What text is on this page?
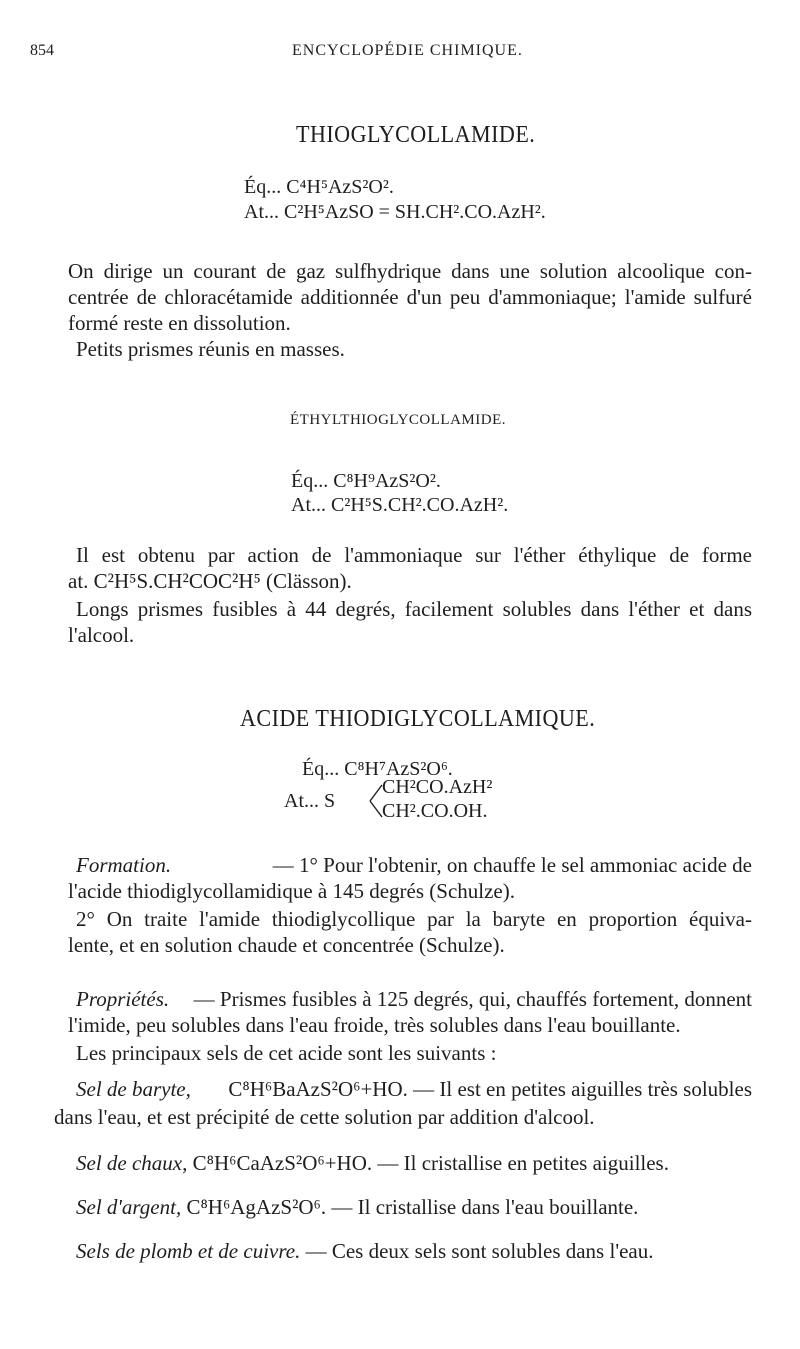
854	ENCYCLOPÉDIE CHIMIQUE.
THIOGLYCOLLAMIDE.
Éq... C⁴H⁵AzS²O².
At... C²H⁵AzSO = SH.CH².CO.AzH².
On dirige un courant de gaz sulfhydrique dans une solution alcoolique con-
centrée de chloracétamide additionnée d'un peu d'ammoniaque; l'amide sulfuré
formé reste en dissolution.
Petits prismes réunis en masses.
ÉTHYLTHIOGLYCOLLAMIDE.
Éq... C⁸H⁹AzS²O².
At... C²H⁵S.CH².CO.AzH².
Il est obtenu par action de l'ammoniaque sur l'éther éthylique de forme
at. C²H⁵S.CH²COC²H⁵ (Clässon).
Longs prismes fusibles à 44 degrés, facilement solubles dans l'éther et dans
l'alcool.
ACIDE THIODIGLYCOLLAMIQUE.
Éq... C⁸H⁷AzS²O⁶.
At... S
CH²CO.AzH²
CH².CO.OH.
Formation.	— 1° Pour l'obtenir, on chauffe le sel ammoniac acide de
l'acide thiodiglycollamidique à 145 degrés (Schulze).
2° On traite l'amide thiodiglycollique par la baryte en proportion équiva-
lente, et en solution chaude et concentrée (Schulze).
Propriétés. — Prismes fusibles à 125 degrés, qui, chauffés fortement, donnent
l'imide, peu solubles dans l'eau froide, très solubles dans l'eau bouillante.
Les principaux sels de cet acide sont les suivants :
Sel de baryte, C⁸H⁶BaAzS²O⁶+HO. — Il est en petites aiguilles très solubles
dans l'eau, et est précipité de cette solution par addition d'alcool.
Sel de chaux, C⁸H⁶CaAzS²O⁶+HO. — Il cristallise en petites aiguilles.
Sel d'argent, C⁸H⁶AgAzS²O⁶. — Il cristallise dans l'eau bouillante.
Sels de plomb et de cuivre. — Ces deux sels sont solubles dans l'eau.
